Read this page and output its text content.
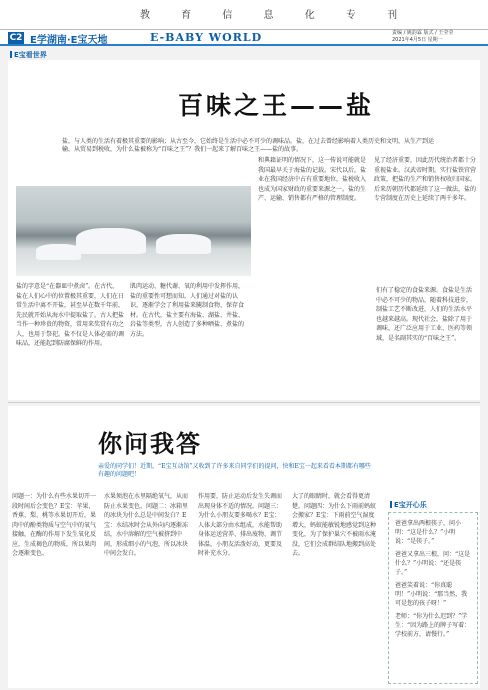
教 育 信 息 化 专 刊
C2 E学湖南·E宝天地	E-BABY WORLD	责编 / 姚韵霖 版式 / 王莹莹
2021年4月5日 星期一
E宝看世界
百味之王——盐
盐，与人类的生活有着极其重要的影响；从古至今，它始终是生活中必不可少的调味品。盐，在过去曾经影响着人类历史和文明，从生产到运输，从贸易到税收，为什么盐被称为“百味之王”？我们一起来了解百味之王——盐的故事。
盐的字意是“在器皿中煮卤”。在古代，盐在人们心中的位置极其重要，人们在日常生活中离不开盐，甚至早在数千年前，先民就开始从海水中提取盐了。古人把盐当作一种珍贵的物资，常用来奖赏有功之人，也用于祭祀。盐不仅是人体必需的调味品，还能起到防腐保鲜的作用。
肌肉运动、糖代谢、氧的利用中发挥作用，盐的重要性可想而知。人们通过对盐的认识，逐渐学会了利用盐来腌制食物、保存食材。在古代，盐主要有海盐、湖盐、井盐、岩盐等类型，古人创造了多种晒盐、煮盐的方法。
和典籍证明的情况下，这一传说可能就是我国最早关于海盐的记载。宋代以后，盐业在我国经济中占有重要地位，盐税收入也成为国家财政的重要来源之一。盐的生产、运输、销售都有严格的管理制度。
见了经济重要，因此历代统治者都十分重视盐业。汉武帝时期，实行盐铁官营政策，把盐的生产和销售权收归国家。后来历朝历代都延续了这一做法，盐的专营制度在历史上延续了两千多年。
们有了稳定的食盐来源。食盐是生活中必不可少的物品，随着科技进步，制盐工艺不断改进，人们的生活水平也越来越高。现代社会，盐除了用于调味，还广泛应用于工业、医药等领域，是名副其实的“百味之王”。
你问我答
亲爱的同学们！近期，“E宝互动馆”又收到了许多来自同学们的提问，快和E宝一起来看看本期都有哪些有趣的问题吧！
问题一：为什么有些水果切开一段时间后会变色？E宝：苹果、香蕉、梨、桃等水果切开后，果肉中的酚类物质与空气中的氧气接触，在酶的作用下发生氧化反应，生成褐色的物质，所以果肉会逐渐变色。
水果须泡在水里隔绝氧气，从而防止水果变色。问题二：冰箱里的冰块为什么总是中间发白？E宝：水结冰时会从外向内逐渐冻结，水中溶解的空气被挤到中间，形成细小的气泡，所以冰块中间会发白。
作用要，防止运动后发生失调而出现身体不适的情况。问题三：为什么小朋友要多喝水？E宝：人体大部分由水组成，水能帮助身体运送营养、排出废物、调节体温，小朋友活泼好动，更要及时补充水分。
大了的眼睛时，就会看得更清楚。问题四：为什么下雨前蚂蚁会搬家？E宝：下雨前空气湿度增大，蚂蚁能敏锐地感觉到这种变化，为了保护巢穴不被雨水淹没，它们会成群结队地搬到高处去。
E宝开心乐
爸爸拿出两根筷子，问小明：“这是什么？”小明说：“是筷子。”
爸爸又拿出三根，问：“这是什么？”小明说：“还是筷子。”
爸爸笑着说：“你真聪明！”小明说：“那当然，我可是您的孩子呀！”
老师：“你为什么迟到？”学生：“因为路上的牌子写着：学校前方，请慢行。”
